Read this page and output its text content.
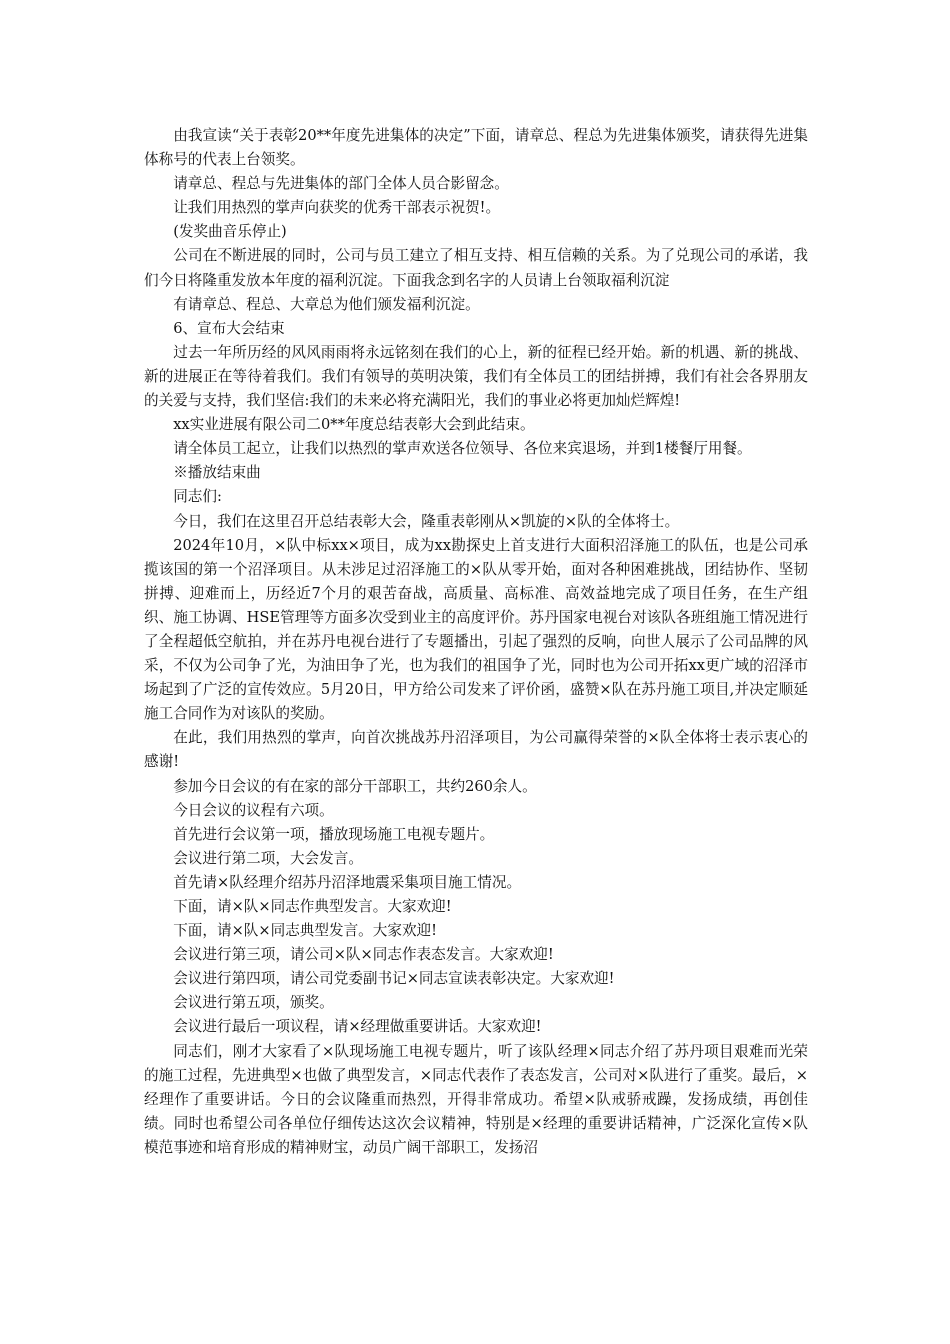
由我宣读“关于表彰20**年度先进集体的决定”下面，请章总、程总为先进集体颁奖，请获得先进集体称号的代表上台领奖。

请章总、程总与先进集体的部门全体人员合影留念。

让我们用热烈的掌声向获奖的优秀干部表示祝贺!。

(发奖曲音乐停止)

公司在不断进展的同时，公司与员工建立了相互支持、相互信赖的关系。为了兑现公司的承诺，我们今日将隆重发放本年度的福利沉淀。下面我念到名字的人员请上台领取福利沉淀

有请章总、程总、大章总为他们颁发福利沉淀。

6、宣布大会结束

过去一年所历经的风风雨雨将永远铭刻在我们的心上，新的征程已经开始。新的机遇、新的挑战、新的进展正在等待着我们。我们有领导的英明决策，我们有全体员工的团结拼搏，我们有社会各界朋友的关爱与支持，我们坚信:我们的未来必将充满阳光，我们的事业必将更加灿烂辉煌!

xx实业进展有限公司二0**年度总结表彰大会到此结束。

请全体员工起立，让我们以热烈的掌声欢送各位领导、各位来宾退场，并到1楼餐厅用餐。

※播放结束曲

同志们:

今日，我们在这里召开总结表彰大会，隆重表彰刚从×凯旋的×队的全体将士。

2024年10月，×队中标xx×项目，成为xx勘探史上首支进行大面积沼泽施工的队伍，也是公司承揽该国的第一个沼泽项目。从未涉足过沼泽施工的×队从零开始，面对各种困难挑战，团结协作、坚韧拼搏、迎难而上，历经近7个月的艰苦奋战，高质量、高标准、高效益地完成了项目任务，在生产组织、施工协调、HSE管理等方面多次受到业主的高度评价。苏丹国家电视台对该队各班组施工情况进行了全程超低空航拍，并在苏丹电视台进行了专题播出，引起了强烈的反响，向世人展示了公司品牌的风采，不仅为公司争了光，为油田争了光，也为我们的祖国争了光，同时也为公司开拓xx更广域的沼泽市场起到了广泛的宣传效应。5月20日，甲方给公司发来了评价函，盛赞×队在苏丹施工项目,并决定顺延施工合同作为对该队的奖励。

在此，我们用热烈的掌声，向首次挑战苏丹沼泽项目，为公司赢得荣誉的×队全体将士表示衷心的感谢!

参加今日会议的有在家的部分干部职工，共约260余人。

今日会议的议程有六项。

首先进行会议第一项，播放现场施工电视专题片。

会议进行第二项，大会发言。

首先请×队经理介绍苏丹沼泽地震采集项目施工情况。

下面，请×队×同志作典型发言。大家欢迎!

下面，请×队×同志典型发言。大家欢迎!

会议进行第三项，请公司×队×同志作表态发言。大家欢迎!

会议进行第四项，请公司党委副书记×同志宣读表彰决定。大家欢迎!

会议进行第五项，颁奖。

会议进行最后一项议程，请×经理做重要讲话。大家欢迎!

同志们，刚才大家看了×队现场施工电视专题片，听了该队经理×同志介绍了苏丹项目艰难而光荣的施工过程，先进典型×也做了典型发言，×同志代表作了表态发言，公司对×队进行了重奖。最后，×经理作了重要讲话。今日的会议隆重而热烈，开得非常成功。希望×队戒骄戒躁，发扬成绩，再创佳绩。同时也希望公司各单位仔细传达这次会议精神，特别是×经理的重要讲话精神，广泛深化宣传×队模范事迹和培育形成的精神财宝，动员广阔干部职工，发扬沼
